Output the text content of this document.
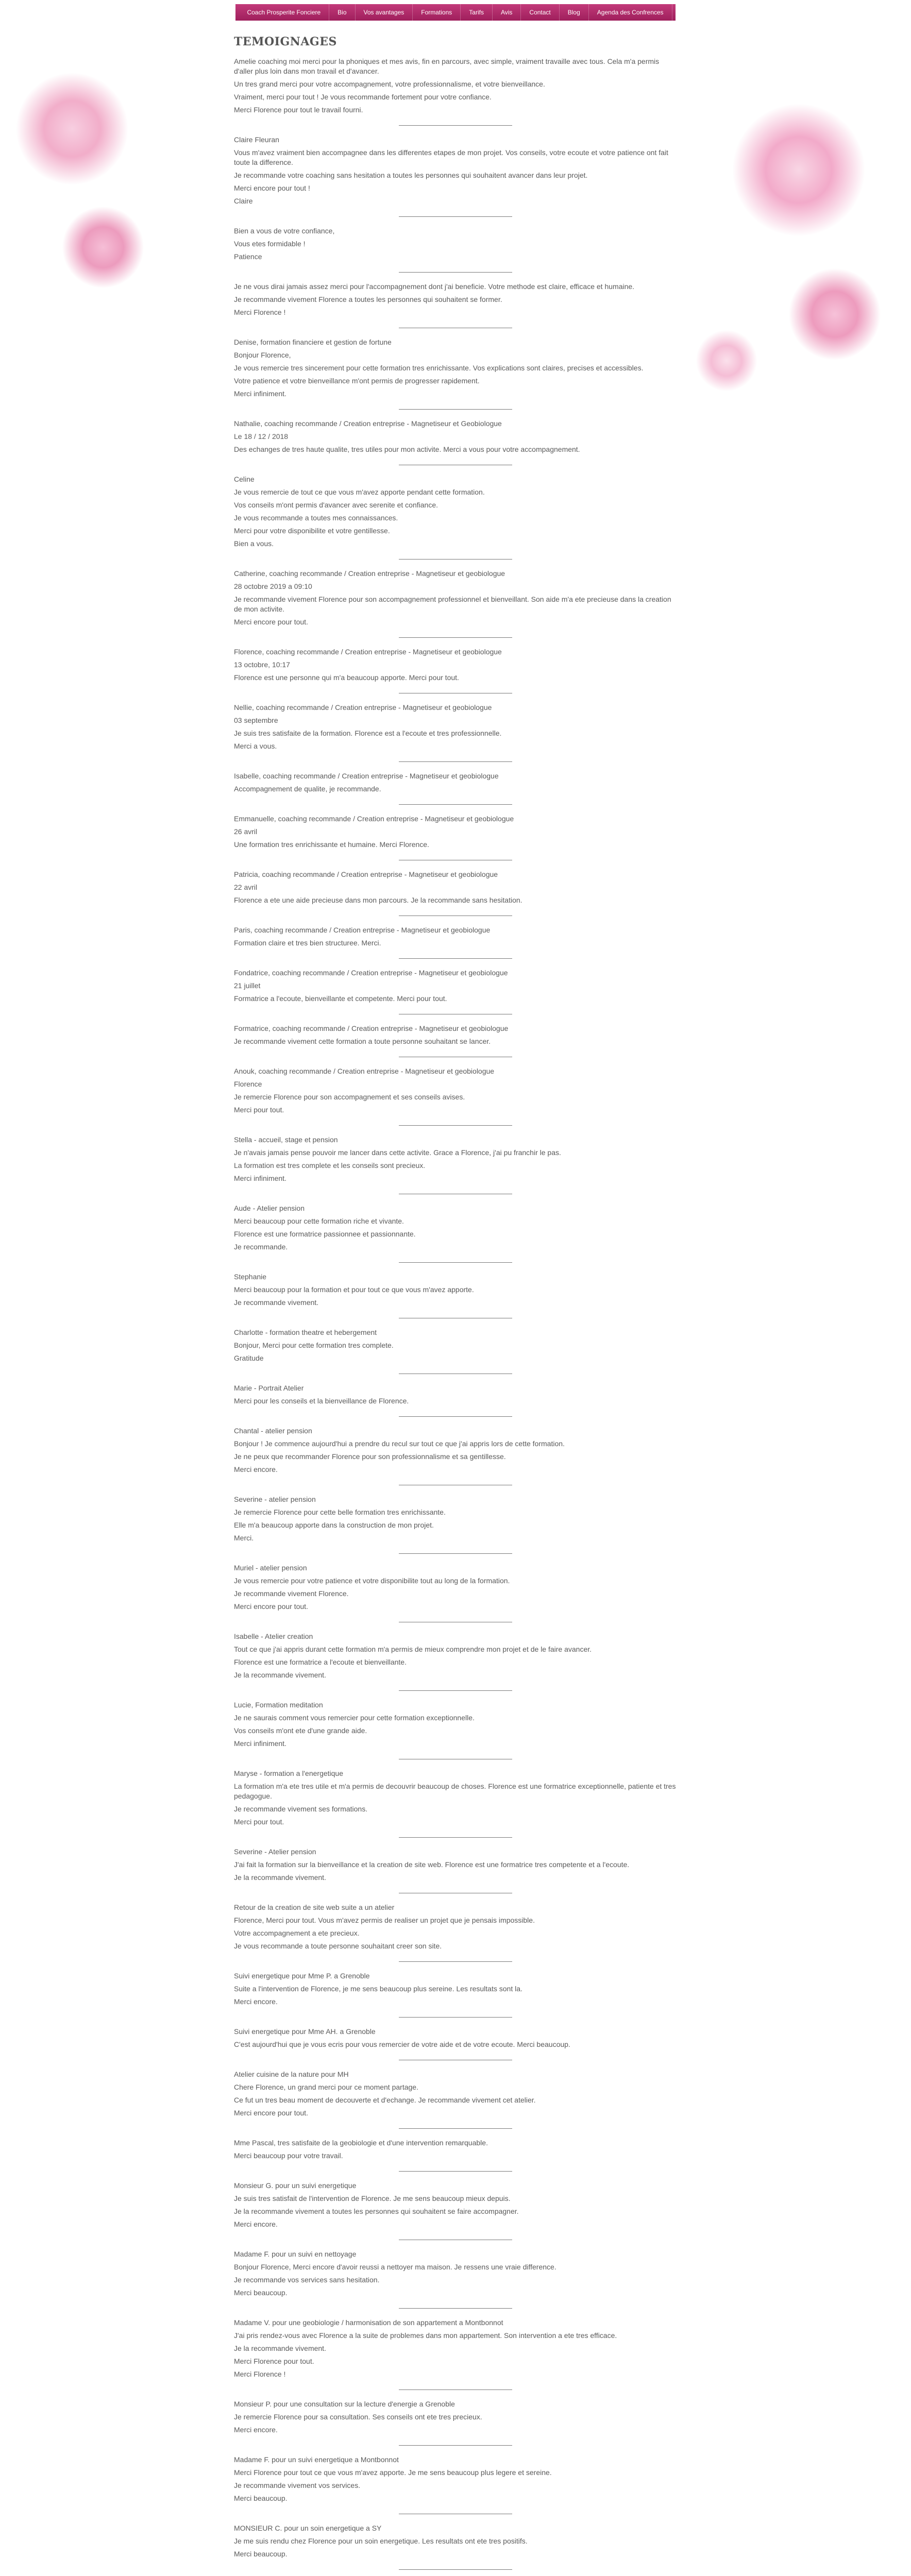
Coach Prosperite Fonciere	Bio	Vos avantages	Formations	Tarifs	Avis	Contact	Blog	Agenda des Confrences
TEMOIGNAGES

Amelie coaching moi merci pour la phoniques et mes avis, fin en parcours, avec simple, vraiment travaille avec tous. Cela m'a permis d'aller plus loin dans mon travail et d'avancer.

Un tres grand merci pour votre accompagnement, votre professionnalisme, et votre bienveillance.

Vraiment, merci pour tout ! Je vous recommande fortement pour votre confiance.

Merci Florence pour tout le travail fourni.

Claire Fleuran

Vous m'avez vraiment bien accompagnee dans les differentes etapes de mon projet. Vos conseils, votre ecoute et votre patience ont fait toute la difference.

Je recommande votre coaching sans hesitation a toutes les personnes qui souhaitent avancer dans leur projet.

Merci encore pour tout !

Claire

Bien a vous de votre confiance,

Vous etes formidable !

Patience

Je ne vous dirai jamais assez merci pour l'accompagnement dont j'ai beneficie. Votre methode est claire, efficace et humaine.

Je recommande vivement Florence a toutes les personnes qui souhaitent se former.

Merci Florence !

Denise, formation financiere et gestion de fortune

Bonjour Florence,

Je vous remercie tres sincerement pour cette formation tres enrichissante. Vos explications sont claires, precises et accessibles.

Votre patience et votre bienveillance m'ont permis de progresser rapidement.

Merci infiniment.

Nathalie, coaching recommande / Creation entreprise - Magnetiseur et Geobiologue

Le 18 / 12 / 2018

Des echanges de tres haute qualite, tres utiles pour mon activite. Merci a vous pour votre accompagnement.

Celine

Je vous remercie de tout ce que vous m'avez apporte pendant cette formation.

Vos conseils m'ont permis d'avancer avec serenite et confiance.

Je vous recommande a toutes mes connaissances.

Merci pour votre disponibilite et votre gentillesse.

Bien a vous.

Catherine, coaching recommande / Creation entreprise - Magnetiseur et geobiologue

28 octobre 2019 a 09:10

Je recommande vivement Florence pour son accompagnement professionnel et bienveillant. Son aide m'a ete precieuse dans la creation de mon activite.

Merci encore pour tout.

Florence, coaching recommande / Creation entreprise - Magnetiseur et geobiologue

13 octobre, 10:17

Florence est une personne qui m'a beaucoup apporte. Merci pour tout.

Nellie, coaching recommande / Creation entreprise - Magnetiseur et geobiologue

03 septembre

Je suis tres satisfaite de la formation. Florence est a l'ecoute et tres professionnelle.

Merci a vous.

Isabelle, coaching recommande / Creation entreprise - Magnetiseur et geobiologue

Accompagnement de qualite, je recommande.

Emmanuelle, coaching recommande / Creation entreprise - Magnetiseur et geobiologue

26 avril

Une formation tres enrichissante et humaine. Merci Florence.

Patricia, coaching recommande / Creation entreprise - Magnetiseur et geobiologue

22 avril

Florence a ete une aide precieuse dans mon parcours. Je la recommande sans hesitation.

Paris, coaching recommande / Creation entreprise - Magnetiseur et geobiologue

Formation claire et tres bien structuree. Merci.

Fondatrice, coaching recommande / Creation entreprise - Magnetiseur et geobiologue

21 juillet

Formatrice a l'ecoute, bienveillante et competente. Merci pour tout.

Formatrice, coaching recommande / Creation entreprise - Magnetiseur et geobiologue

Je recommande vivement cette formation a toute personne souhaitant se lancer.

Anouk, coaching recommande / Creation entreprise - Magnetiseur et geobiologue

Florence

Je remercie Florence pour son accompagnement et ses conseils avises.

Merci pour tout.

Stella - accueil, stage et pension

Je n'avais jamais pense pouvoir me lancer dans cette activite. Grace a Florence, j'ai pu franchir le pas.

La formation est tres complete et les conseils sont precieux.

Merci infiniment.

Aude - Atelier pension

Merci beaucoup pour cette formation riche et vivante.

Florence est une formatrice passionnee et passionnante.

Je recommande.

Stephanie

Merci beaucoup pour la formation et pour tout ce que vous m'avez apporte.

Je recommande vivement.

Charlotte - formation theatre et hebergement

Bonjour, Merci pour cette formation tres complete.

Gratitude

Marie - Portrait Atelier

Merci pour les conseils et la bienveillance de Florence.

Chantal - atelier pension

Bonjour ! Je commence aujourd'hui a prendre du recul sur tout ce que j'ai appris lors de cette formation.

Je ne peux que recommander Florence pour son professionnalisme et sa gentillesse.

Merci encore.

Severine - atelier pension

Je remercie Florence pour cette belle formation tres enrichissante.

Elle m'a beaucoup apporte dans la construction de mon projet.

Merci.

Muriel - atelier pension

Je vous remercie pour votre patience et votre disponibilite tout au long de la formation.

Je recommande vivement Florence.

Merci encore pour tout.

Isabelle - Atelier creation

Tout ce que j'ai appris durant cette formation m'a permis de mieux comprendre mon projet et de le faire avancer.

Florence est une formatrice a l'ecoute et bienveillante.

Je la recommande vivement.

Lucie, Formation meditation

Je ne saurais comment vous remercier pour cette formation exceptionnelle.

Vos conseils m'ont ete d'une grande aide.

Merci infiniment.

Maryse - formation a l'energetique

La formation m'a ete tres utile et m'a permis de decouvrir beaucoup de choses. Florence est une formatrice exceptionnelle, patiente et tres pedagogue.

Je recommande vivement ses formations.

Merci pour tout.

Severine - Atelier pension

J'ai fait la formation sur la bienveillance et la creation de site web. Florence est une formatrice tres competente et a l'ecoute.

Je la recommande vivement.

Retour de la creation de site web suite a un atelier

Florence, Merci pour tout. Vous m'avez permis de realiser un projet que je pensais impossible.

Votre accompagnement a ete precieux.

Je vous recommande a toute personne souhaitant creer son site.

Suivi energetique pour Mme P. a Grenoble

Suite a l'intervention de Florence, je me sens beaucoup plus sereine. Les resultats sont la.

Merci encore.

Suivi energetique pour Mme AH. a Grenoble

C'est aujourd'hui que je vous ecris pour vous remercier de votre aide et de votre ecoute. Merci beaucoup.

Atelier cuisine de la nature pour MH

Chere Florence, un grand merci pour ce moment partage.

Ce fut un tres beau moment de decouverte et d'echange. Je recommande vivement cet atelier.

Merci encore pour tout.

Mme Pascal, tres satisfaite de la geobiologie et d'une intervention remarquable.

Merci beaucoup pour votre travail.

Monsieur G. pour un suivi energetique

Je suis tres satisfait de l'intervention de Florence. Je me sens beaucoup mieux depuis.

Je la recommande vivement a toutes les personnes qui souhaitent se faire accompagner.

Merci encore.

Madame F. pour un suivi en nettoyage

Bonjour Florence, Merci encore d'avoir reussi a nettoyer ma maison. Je ressens une vraie difference.

Je recommande vos services sans hesitation.

Merci beaucoup.

Madame V. pour une geobiologie / harmonisation de son appartement a Montbonnot

J'ai pris rendez-vous avec Florence a la suite de problemes dans mon appartement. Son intervention a ete tres efficace.

Je la recommande vivement.

Merci Florence pour tout.

Merci Florence !

Monsieur P. pour une consultation sur la lecture d'energie a Grenoble

Je remercie Florence pour sa consultation. Ses conseils ont ete tres precieux.

Merci encore.

Madame F. pour un suivi energetique a Montbonnot

Merci Florence pour tout ce que vous m'avez apporte. Je me sens beaucoup plus legere et sereine.

Je recommande vivement vos services.

Merci beaucoup.

MONSIEUR C. pour un soin energetique a SY

Je me suis rendu chez Florence pour un soin energetique. Les resultats ont ete tres positifs.

Merci beaucoup.
